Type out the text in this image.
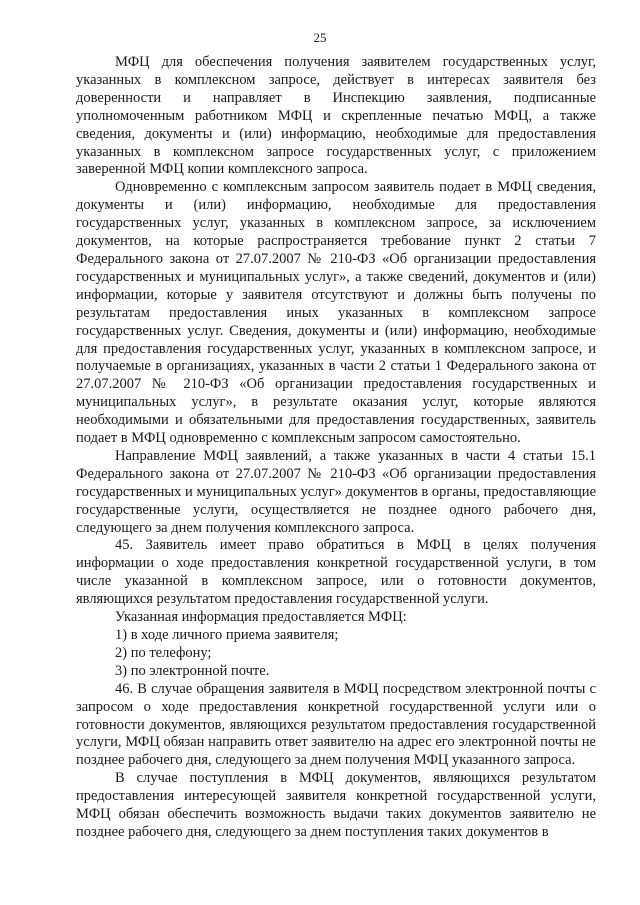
25

МФЦ для обеспечения получения заявителем государственных услуг, указанных в комплексном запросе, действует в интересах заявителя без доверенности и направляет в Инспекцию заявления, подписанные уполномоченным работником МФЦ и скрепленные печатью МФЦ, а также сведения, документы и (или) информацию, необходимые для предоставления указанных в комплексном запросе государственных услуг, с приложением заверенной МФЦ копии комплексного запроса.

Одновременно с комплексным запросом заявитель подает в МФЦ сведения, документы и (или) информацию, необходимые для предоставления государственных услуг, указанных в комплексном запросе, за исключением документов, на которые распространяется требование пункт 2 статьи 7 Федерального закона от 27.07.2007 № 210-ФЗ «Об организации предоставления государственных и муниципальных услуг», а также сведений, документов и (или) информации, которые у заявителя отсутствуют и должны быть получены по результатам предоставления иных указанных в комплексном запросе государственных услуг. Сведения, документы и (или) информацию, необходимые для предоставления государственных услуг, указанных в комплексном запросе, и получаемые в организациях, указанных в части 2 статьи 1 Федерального закона от 27.07.2007 № 210-ФЗ «Об организации предоставления государственных и муниципальных услуг», в результате оказания услуг, которые являются необходимыми и обязательными для предоставления государственных, заявитель подает в МФЦ одновременно с комплексным запросом самостоятельно.

Направление МФЦ заявлений, а также указанных в части 4 статьи 15.1 Федерального закона от 27.07.2007 № 210-ФЗ «Об организации предоставления государственных и муниципальных услуг» документов в органы, предоставляющие государственные услуги, осуществляется не позднее одного рабочего дня, следующего за днем получения комплексного запроса.

45. Заявитель имеет право обратиться в МФЦ в целях получения информации о ходе предоставления конкретной государственной услуги, в том числе указанной в комплексном запросе, или о готовности документов, являющихся результатом предоставления государственной услуги.

Указанная информация предоставляется МФЦ:

1) в ходе личного приема заявителя;

2) по телефону;

3) по электронной почте.

46. В случае обращения заявителя в МФЦ посредством электронной почты с запросом о ходе предоставления конкретной государственной услуги или о готовности документов, являющихся результатом предоставления государственной услуги, МФЦ обязан направить ответ заявителю на адрес его электронной почты не позднее рабочего дня, следующего за днем получения МФЦ указанного запроса.

В случае поступления в МФЦ документов, являющихся результатом предоставления интересующей заявителя конкретной государственной услуги, МФЦ обязан обеспечить возможность выдачи таких документов заявителю не позднее рабочего дня, следующего за днем поступления таких документов в
